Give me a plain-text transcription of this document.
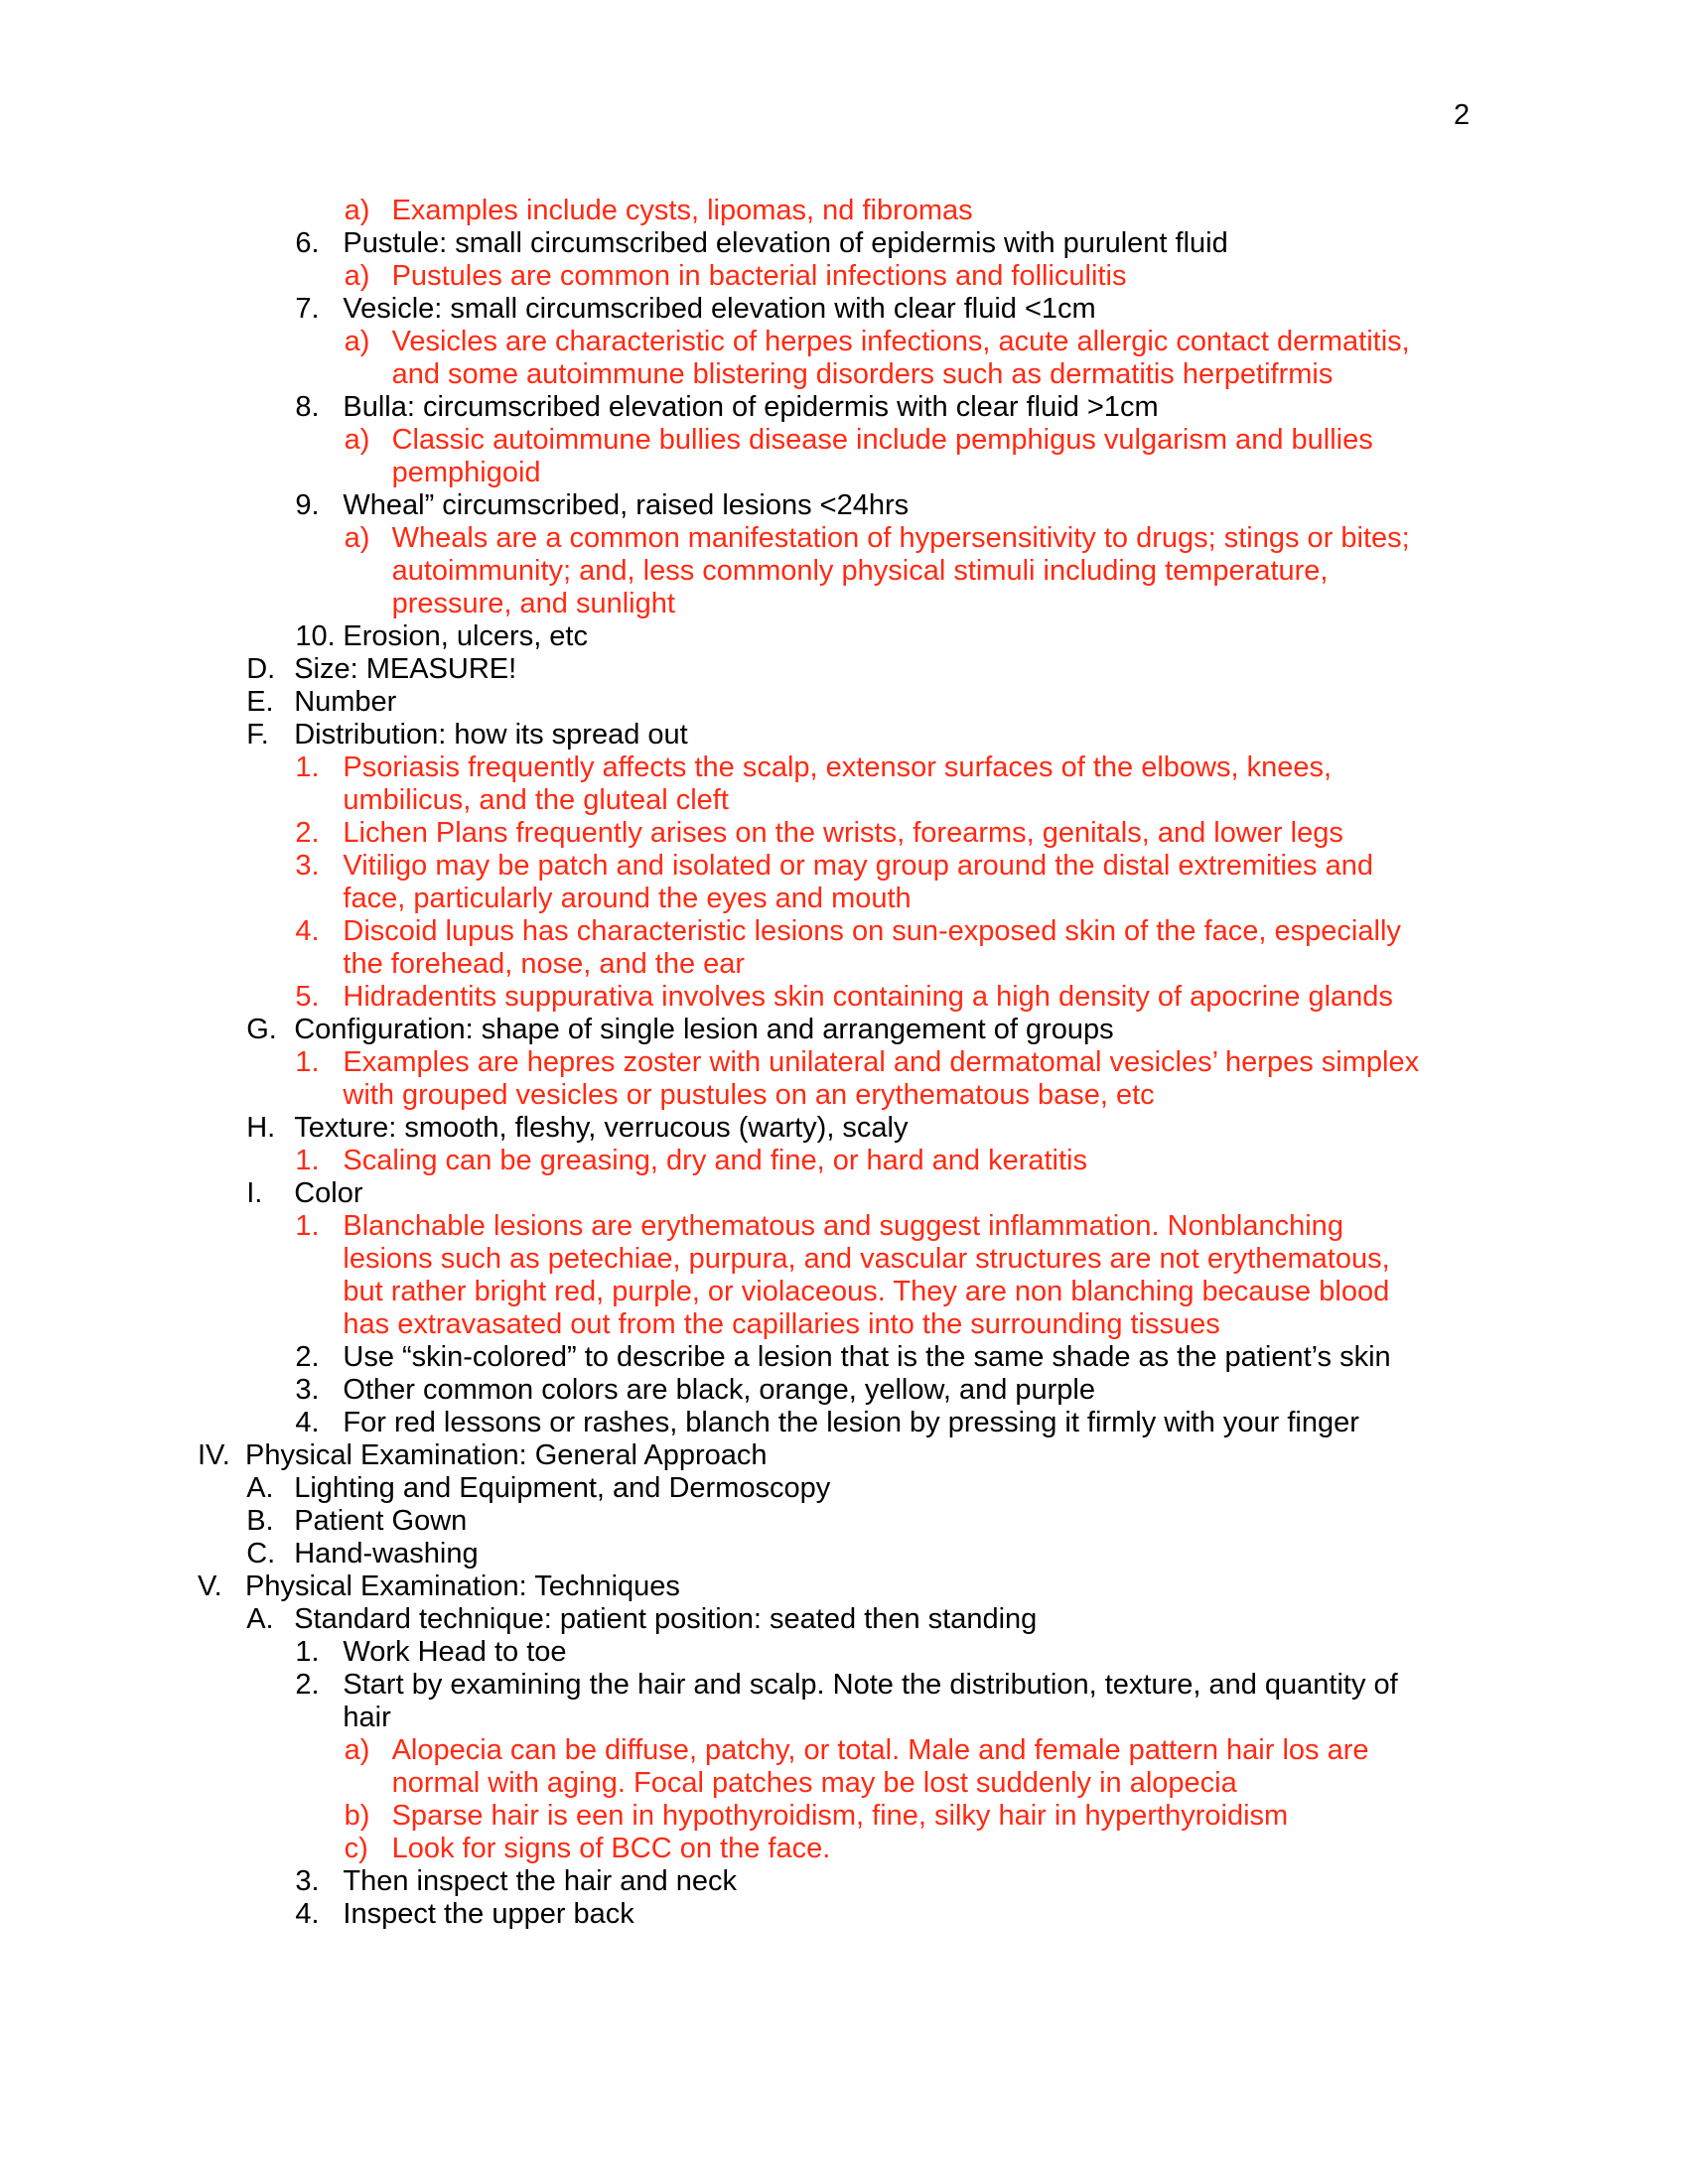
2
a) Examples include cysts, lipomas, nd fibromas
6. Pustule: small circumscribed elevation of epidermis with purulent fluid
a) Pustules are common in bacterial infections and folliculitis
7. Vesicle: small circumscribed elevation with clear fluid <1cm
a) Vesicles are characteristic of herpes infections, acute allergic contact dermatitis,
and some autoimmune blistering disorders such as dermatitis herpetifrmis
8. Bulla: circumscribed elevation of epidermis with clear fluid >1cm
a) Classic autoimmune bullies disease include pemphigus vulgarism and bullies
pemphigoid
9. Wheal” circumscribed, raised lesions <24hrs
a) Wheals are a common manifestation of hypersensitivity to drugs; stings or bites;
autoimmunity; and, less commonly physical stimuli including temperature,
pressure, and sunlight
10. Erosion, ulcers, etc
D. Size: MEASURE!
E. Number
F. Distribution: how its spread out
1. Psoriasis frequently affects the scalp, extensor surfaces of the elbows, knees,
umbilicus, and the gluteal cleft
2. Lichen Plans frequently arises on the wrists, forearms, genitals, and lower legs
3. Vitiligo may be patch and isolated or may group around the distal extremities and
face, particularly around the eyes and mouth
4. Discoid lupus has characteristic lesions on sun-exposed skin of the face, especially
the forehead, nose, and the ear
5. Hidradentits suppurativa involves skin containing a high density of apocrine glands
G. Configuration: shape of single lesion and arrangement of groups
1. Examples are hepres zoster with unilateral and dermatomal vesicles’ herpes simplex
with grouped vesicles or pustules on an erythematous base, etc
H. Texture: smooth, fleshy, verrucous (warty), scaly
1. Scaling can be greasing, dry and fine, or hard and keratitis
I. Color
1. Blanchable lesions are erythematous and suggest inflammation. Nonblanching
lesions such as petechiae, purpura, and vascular structures are not erythematous,
but rather bright red, purple, or violaceous. They are non blanching because blood
has extravasated out from the capillaries into the surrounding tissues
2. Use “skin-colored” to describe a lesion that is the same shade as the patient’s skin
3. Other common colors are black, orange, yellow, and purple
4. For red lessons or rashes, blanch the lesion by pressing it firmly with your finger
IV. Physical Examination: General Approach
A. Lighting and Equipment, and Dermoscopy
B. Patient Gown
C. Hand-washing
V. Physical Examination: Techniques
A. Standard technique: patient position: seated then standing
1. Work Head to toe
2. Start by examining the hair and scalp. Note the distribution, texture, and quantity of
hair
a) Alopecia can be diffuse, patchy, or total. Male and female pattern hair los are
normal with aging. Focal patches may be lost suddenly in alopecia
b) Sparse hair is een in hypothyroidism, fine, silky hair in hyperthyroidism
c) Look for signs of BCC on the face.
3. Then inspect the hair and neck
4. Inspect the upper back
